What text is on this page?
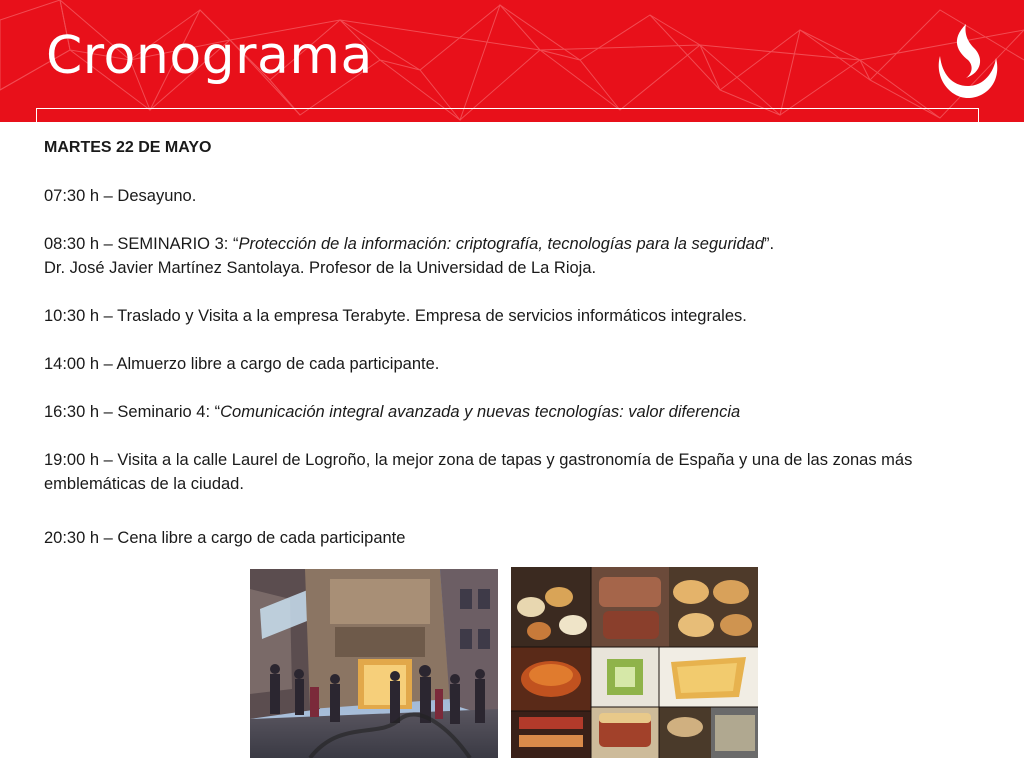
Cronograma

MARTES 22 DE MAYO

07:30 h – Desayuno.

08:30 h – SEMINARIO 3: “Protección de la información: criptografía, tecnologías para la seguridad”.

Dr. José Javier Martínez Santolaya. Profesor de la Universidad de La Rioja.

10:30 h – Traslado y Visita a la empresa Terabyte. Empresa de servicios informáticos integrales.

14:00 h – Almuerzo libre a cargo de cada participante.

16:30 h – Seminario 4: “Comunicación integral avanzada y nuevas tecnologías: valor diferencia

19:00 h – Visita a la calle Laurel de Logroño, la mejor zona de tapas y gastronomía de España y una de las zonas más emblemáticas de la ciudad.

20:30 h – Cena libre a cargo de cada participante
